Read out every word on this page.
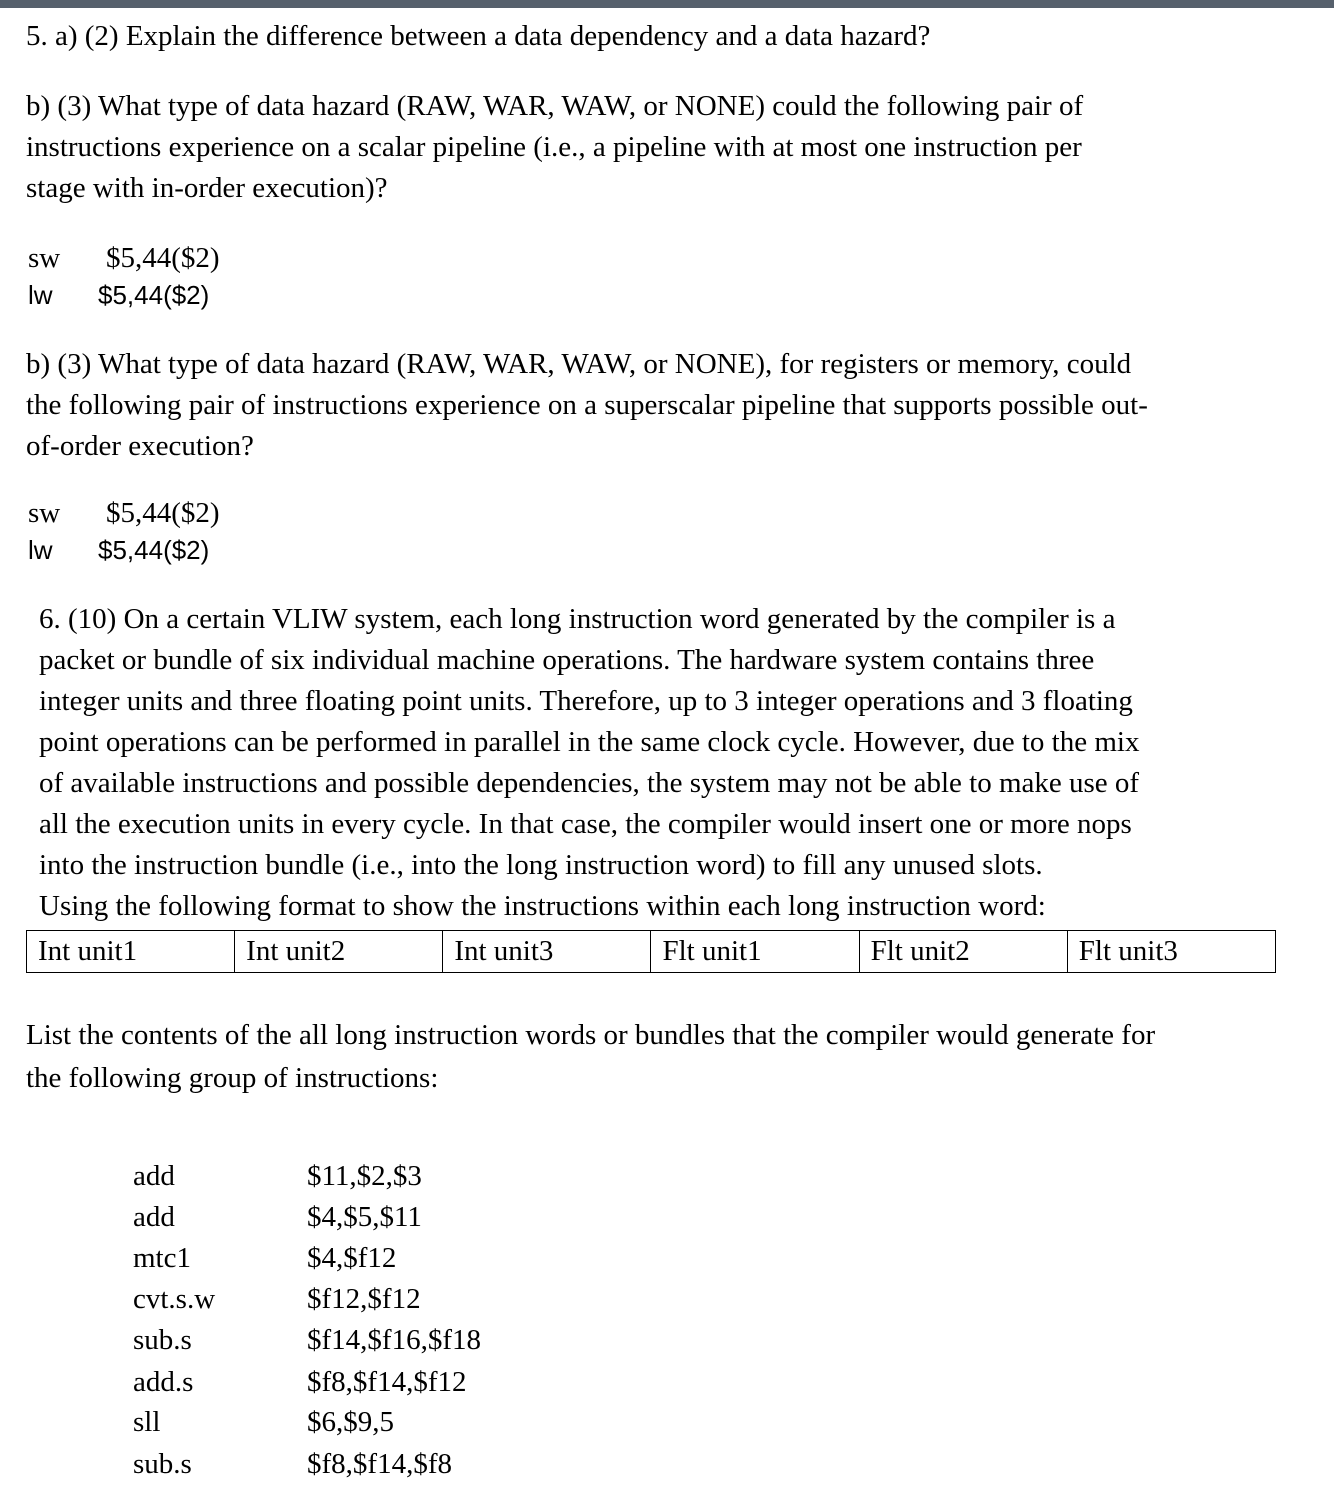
5. a) (2) Explain the difference between a data dependency and a data hazard?
b) (3) What type of data hazard (RAW, WAR, WAW, or NONE) could the following pair of
instructions experience on a scalar pipeline (i.e., a pipeline with at most one instruction per
stage with in-order execution)?
sw $5,44($2)
lw $5,44($2)
b) (3) What type of data hazard (RAW, WAR, WAW, or NONE), for registers or memory, could
the following pair of instructions experience on a superscalar pipeline that supports possible out-
of-order execution?
sw $5,44($2)
lw $5,44($2)
6. (10) On a certain VLIW system, each long instruction word generated by the compiler is a
packet or bundle of six individual machine operations. The hardware system contains three
integer units and three floating point units. Therefore, up to 3 integer operations and 3 floating
point operations can be performed in parallel in the same clock cycle. However, due to the mix
of available instructions and possible dependencies, the system may not be able to make use of
all the execution units in every cycle. In that case, the compiler would insert one or more nops
into the instruction bundle (i.e., into the long instruction word) to fill any unused slots.
Using the following format to show the instructions within each long instruction word:
Int unit1	Int unit2	Int unit3	Flt unit1	Flt unit2	Flt unit3
List the contents of the all long instruction words or bundles that the compiler would generate for
the following group of instructions:
add	$11,$2,$3
add	$4,$5,$11
mtc1	$4,$f12
cvt.s.w	$f12,$f12
sub.s	$f14,$f16,$f18
add.s	$f8,$f14,$f12
sll	$6,$9,5
sub.s	$f8,$f14,$f8
